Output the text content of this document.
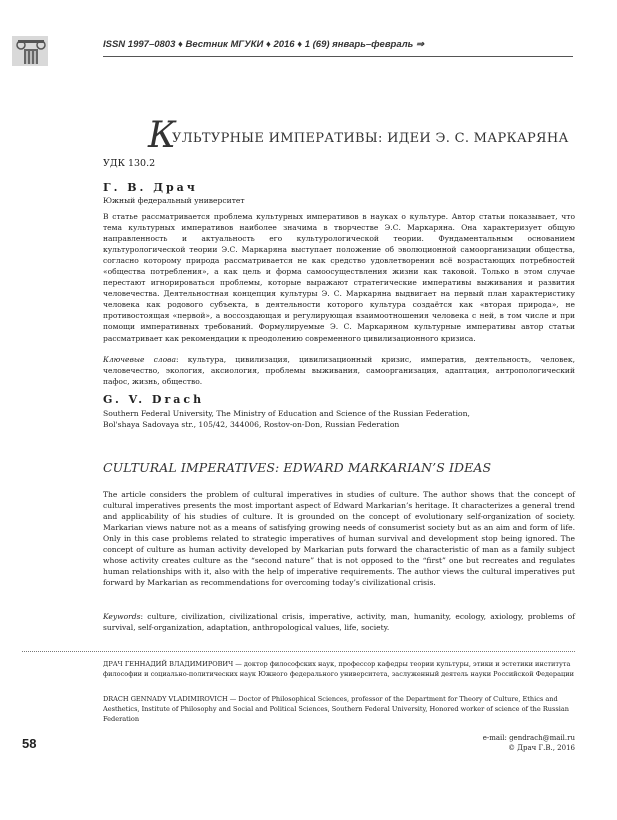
ISSN 1997–0803 ♦ Вестник МГУКИ ♦ 2016 ♦ 1 (69) январь–февраль ⇒
К
УЛЬТУРНЫЕ ИМПЕРАТИВЫ: ИДЕИ Э. С. МАРКАРЯНА
УДК 130.2
Г. В. Драч
Южный федеральный университет
В статье рассматривается проблема культурных императивов в науках о культуре. Автор статьи показывает, что тема культурных императивов наиболее значима в творчестве Э.С. Маркаряна. Она характеризует общую направленность и актуальность его культурологической теории. Фундаментальным основанием культурологической теории Э.С. Маркаряна выступает положение об эволюционной самоорганизации общества, согласно которому природа рассматривается не как средство удовлетворения всё возрастающих потребностей «общества потребления», а как цель и форма самоосуществления жизни как таковой. Только в этом случае перестают игнорироваться проблемы, которые выражают стратегические императивы выживания и развития человечества. Деятельностная концепция культуры Э. С. Маркаряна выдвигает на первый план характеристику человека как родового субъекта, в деятельности которого культура создаётся как «вторая природа», не противостоящая «первой», а воссоздающая и регулирующая взаимоотношения человека с ней, в том числе и при помощи императивных требований. Формулируемые Э. С. Маркаряном культурные императивы автор статьи рассматривает как рекомендации к преодолению современного цивилизационного кризиса.
Ключевые слова: культура, цивилизация, цивилизационный кризис, императив, деятельность, человек, человечество, экология, аксиология, проблемы выживания, самоорганизация, адаптация, антропологический пафос, жизнь, общество.
G. V. Drach
Southern Federal University, The Ministry of Education and Science of the Russian Federation,
Bol'shaya Sadovaya str., 105/42, 344006, Rostov-on-Don, Russian Federation
CULTURAL IMPERATIVES: EDWARD MARKARIAN’S IDEAS
The article considers the problem of cultural imperatives in studies of culture. The author shows that the concept of cultural imperatives presents the most important aspect of Edward Markarian’s heritage. It characterizes a general trend and applicability of his studies of culture. It is grounded on the concept of evolutionary self-organization of society. Markarian views nature not as a means of satisfying growing needs of consumerist society but as an aim and form of life. Only in this case problems related to strategic imperatives of human survival and development stop being ignored. The concept of culture as human activity developed by Markarian puts forward the characteristic of man as a family subject whose activity creates culture as the “second nature” that is not opposed to the “first” one but recreates and regulates human relationships with it, also with the help of imperative requirements. The author views the cultural imperatives put forward by Markarian as recommendations for overcoming today’s civilizational crisis.
Keywords: culture, civilization, civilizational crisis, imperative, activity, man, humanity, ecology, axiology, problems of survival, self-organization, adaptation, anthropological values, life, society.
ДРАЧ ГЕННАДИЙ ВЛАДИМИРОВИЧ — доктор философских наук, профессор кафедры теории культуры, этики и эстетики института философии и социально-политических наук Южного федерального университета, заслуженный деятель науки Российской Федерации
DRACH GENNADY VLADIMIROVICH — Doctor of Philosophical Sciences, professor of the Department for Theory of Culture, Ethics and Aesthetics, Institute of Philosophy and Social and Political Sciences, Southern Federal University, Honored worker of science of the Russian Federation
e-mail: gendrach@mail.ru
© Драч Г.В., 2016
58
